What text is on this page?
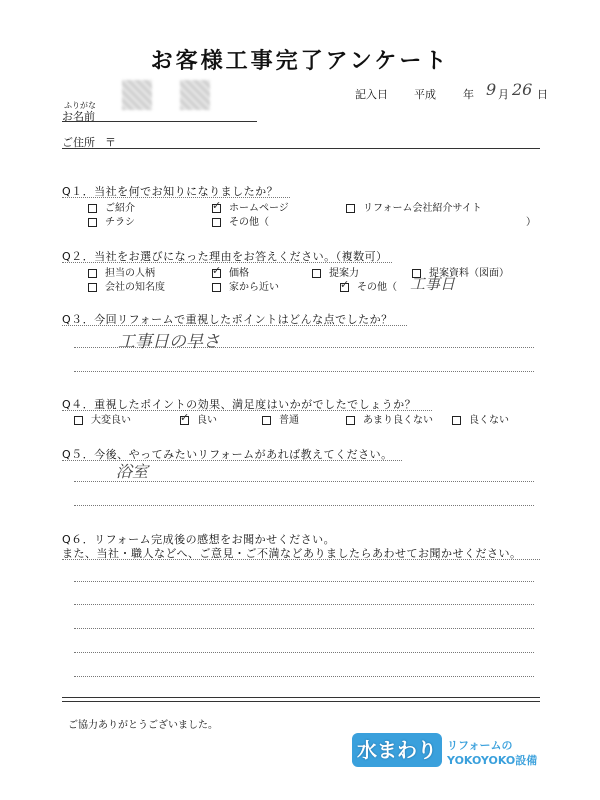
お客様工事完了アンケート
記入日 平成 年 9 月 26 日
ふりがな
お名前
ご住所 〒
Q１．当社を何でお知りになりましたか？
ご紹介 ✓	ホームページ	リフォーム会社紹介サイト
チラシ	その他（	）
Q２．当社をお選びになった理由をお答えください。（複数可）
担当の人柄 ✓	価格	提案力	提案資料（図面）
会社の知名度	家から近い ✓	その他（ 工事日
Q３．今回リフォームで重視したポイントはどんな点でしたか？
工事日の早さ
Q４．重視したポイントの効果、満足度はいかがでしたでしょうか？
大変良い ✓	良い	普通	あまり良くない	良くない
Q５．今後、やってみたいリフォームがあれば教えてください。
浴室
Q６．リフォーム完成後の感想をお聞かせください。
また、当社・職人などへ、ご意見・ご不満などありましたらあわせてお聞かせください。
ご協力ありがとうございました。
水まわり リフォームの
YOKOYOKO設備
